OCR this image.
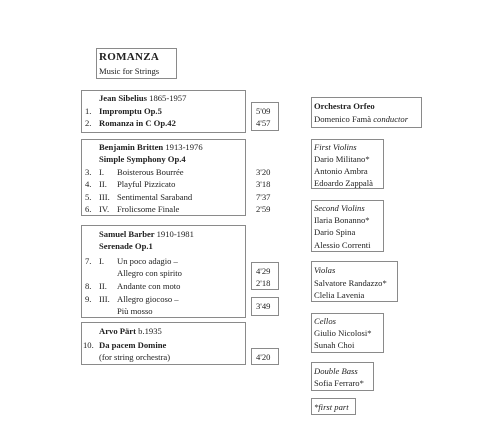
ROMANZA
Music for Strings
Jean Sibelius 1865-1957
1. Impromptu Op.5
2. Romanza in C Op.42
5'09
4'57
Benjamin Britten 1913-1976
Simple Symphony Op.4
3. I. Boisterous Bourrée
4. II. Playful Pizzicato
5. III. Sentimental Saraband
6. IV. Frolicsome Finale
3'20
3'18
7'37
2'59
Samuel Barber 1910-1981
Serenade Op.1
7. I. Un poco adagio –
Allegro con spirito
8. II. Andante con moto
9. III. Allegro giocoso –
Più mosso
4'29
2'18
3'49
Arvo Pärt b.1935
10. Da pacem Domine
(for string orchestra)	4'20
Orchestra Orfeo
Domenico Famà conductor
First Violins
Dario Militano*
Antonio Ambra
Edoardo Zappalà
Second Violins
Ilaria Bonanno*
Dario Spina
Alessio Correnti
Violas
Salvatore Randazzo*
Clelia Lavenia
Cellos
Giulio Nicolosi*
Sunah Choi
Double Bass
Sofia Ferraro*
*first part
